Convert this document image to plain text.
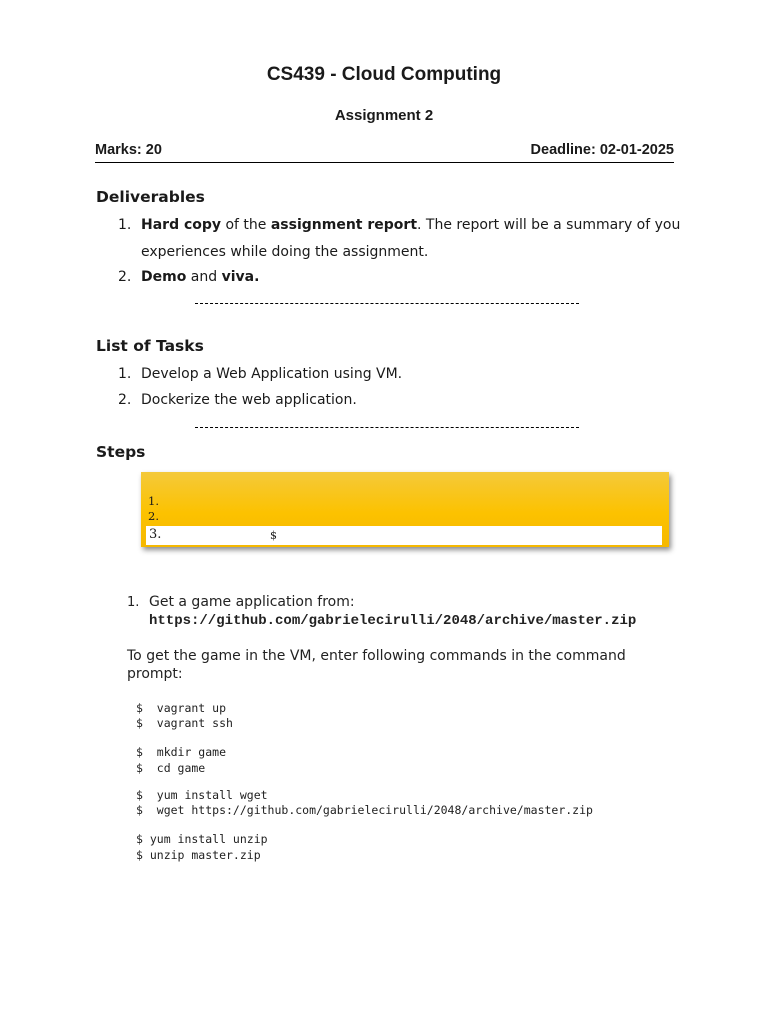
CS439 - Cloud Computing
Assignment 2
Marks: 20	Deadline: 02-01-2025
Deliverables
1. Hard copy of the assignment report. The report will be a summary of you
experiences while doing the assignment.
2. Demo and viva.
List of Tasks
1. Develop a Web Application using VM.
2. Dockerize the web application.
Steps
1.
2.
3.	$
1. Get a game application from:
https://github.com/gabrielecirulli/2048/archive/master.zip
To get the game in the VM, enter following commands in the command
prompt:
$  vagrant up
$  vagrant ssh
$  mkdir game
$  cd game
$  yum install wget
$  wget https://github.com/gabrielecirulli/2048/archive/master.zip
$ yum install unzip
$ unzip master.zip
